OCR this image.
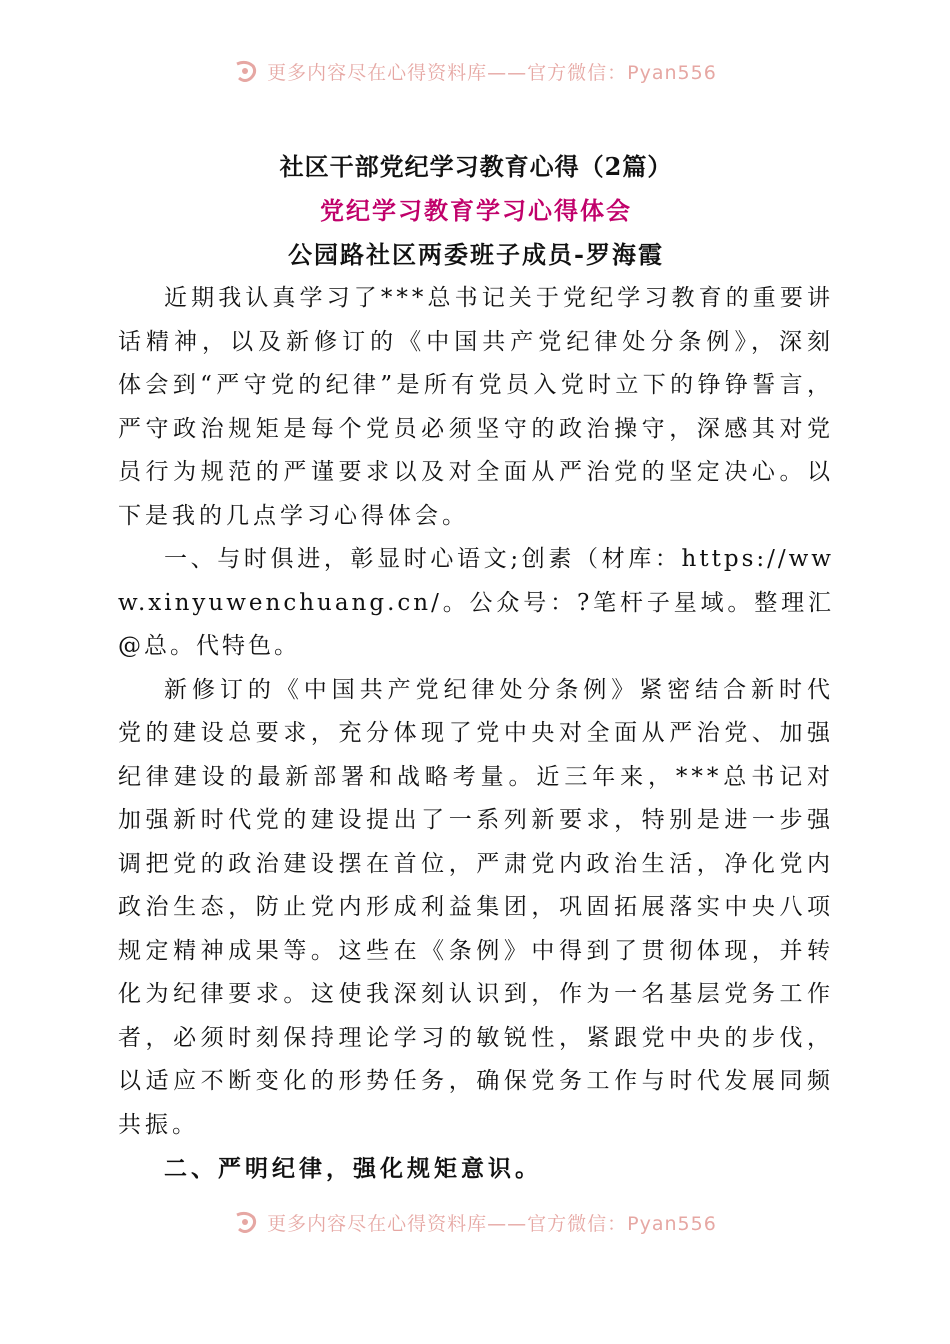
更多内容尽在心得资料库——官方微信：Pyan556
社区干部党纪学习教育心得（2篇）
党纪学习教育学习心得体会
公园路社区两委班子成员-罗海霞

近期我认真学习了***总书记关于党纪学习教育的重要讲话精神，以及新修订的《中国共产党纪律处分条例》，深刻体会到“严守党的纪律”是所有党员入党时立下的铮铮誓言，严守政治规矩是每个党员必须坚守的政治操守，深感其对党员行为规范的严谨要求以及对全面从严治党的坚定决心。以下是我的几点学习心得体会。

一、与时俱进，彰显时心语文;创素（材库：https://www.xinyuwenchuang.cn/。公众号：?笔杆子星域。整理汇@总。代特色。

新修订的《中国共产党纪律处分条例》紧密结合新时代党的建设总要求，充分体现了党中央对全面从严治党、加强纪律建设的最新部署和战略考量。近三年来，***总书记对加强新时代党的建设提出了一系列新要求，特别是进一步强调把党的政治建设摆在首位，严肃党内政治生活，净化党内政治生态，防止党内形成利益集团，巩固拓展落实中央八项规定精神成果等。这些在《条例》中得到了贯彻体现，并转化为纪律要求。这使我深刻认识到，作为一名基层党务工作者，必须时刻保持理论学习的敏锐性，紧跟党中央的步伐，以适应不断变化的形势任务，确保党务工作与时代发展同频共振。

二、严明纪律，强化规矩意识。

更多内容尽在心得资料库——官方微信：Pyan556
